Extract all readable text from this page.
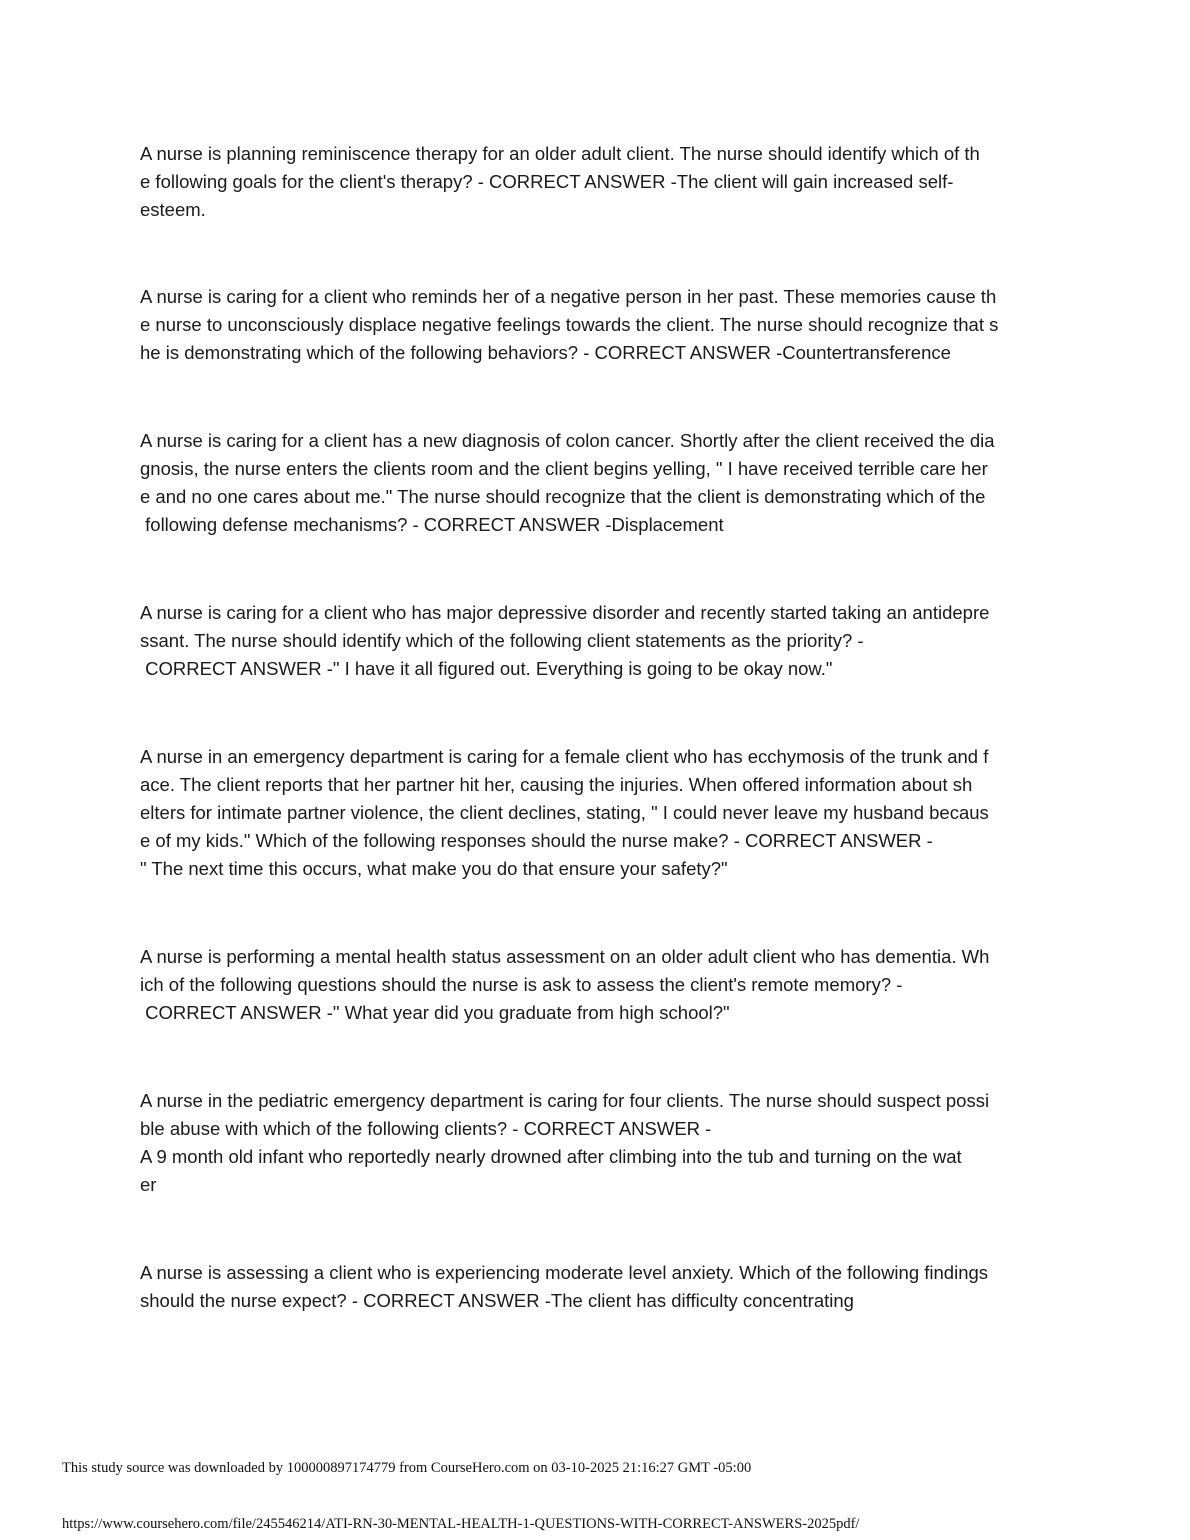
A nurse is planning reminiscence therapy for an older adult client. The nurse should identify which of th
e following goals for the client's therapy? - CORRECT ANSWER -The client will gain increased self-
esteem.

A nurse is caring for a client who reminds her of a negative person in her past. These memories cause th
e nurse to unconsciously displace negative feelings towards the client. The nurse should recognize that s
he is demonstrating which of the following behaviors? - CORRECT ANSWER -Countertransference

A nurse is caring for a client has a new diagnosis of colon cancer. Shortly after the client received the dia
gnosis, the nurse enters the clients room and the client begins yelling, " I have received terrible care her
e and no one cares about me." The nurse should recognize that the client is demonstrating which of the
following defense mechanisms? - CORRECT ANSWER -Displacement

A nurse is caring for a client who has major depressive disorder and recently started taking an antidepre
ssant. The nurse should identify which of the following client statements as the priority? -
CORRECT ANSWER -" I have it all figured out. Everything is going to be okay now."

A nurse in an emergency department is caring for a female client who has ecchymosis of the trunk and f
ace. The client reports that her partner hit her, causing the injuries. When offered information about sh
elters for intimate partner violence, the client declines, stating, " I could never leave my husband becaus
e of my kids." Which of the following responses should the nurse make? - CORRECT ANSWER -
" The next time this occurs, what make you do that ensure your safety?"

A nurse is performing a mental health status assessment on an older adult client who has dementia. Wh
ich of the following questions should the nurse is ask to assess the client's remote memory? -
CORRECT ANSWER -" What year did you graduate from high school?"

A nurse in the pediatric emergency department is caring for four clients. The nurse should suspect possi
ble abuse with which of the following clients? - CORRECT ANSWER -
A 9 month old infant who reportedly nearly drowned after climbing into the tub and turning on the wat
er

A nurse is assessing a client who is experiencing moderate level anxiety. Which of the following findings
should the nurse expect? - CORRECT ANSWER -The client has difficulty concentrating

This study source was downloaded by 100000897174779 from CourseHero.com on 03-10-2025 21:16:27 GMT -05:00

https://www.coursehero.com/file/245546214/ATI-RN-30-MENTAL-HEALTH-1-QUESTIONS-WITH-CORRECT-ANSWERS-2025pdf/
